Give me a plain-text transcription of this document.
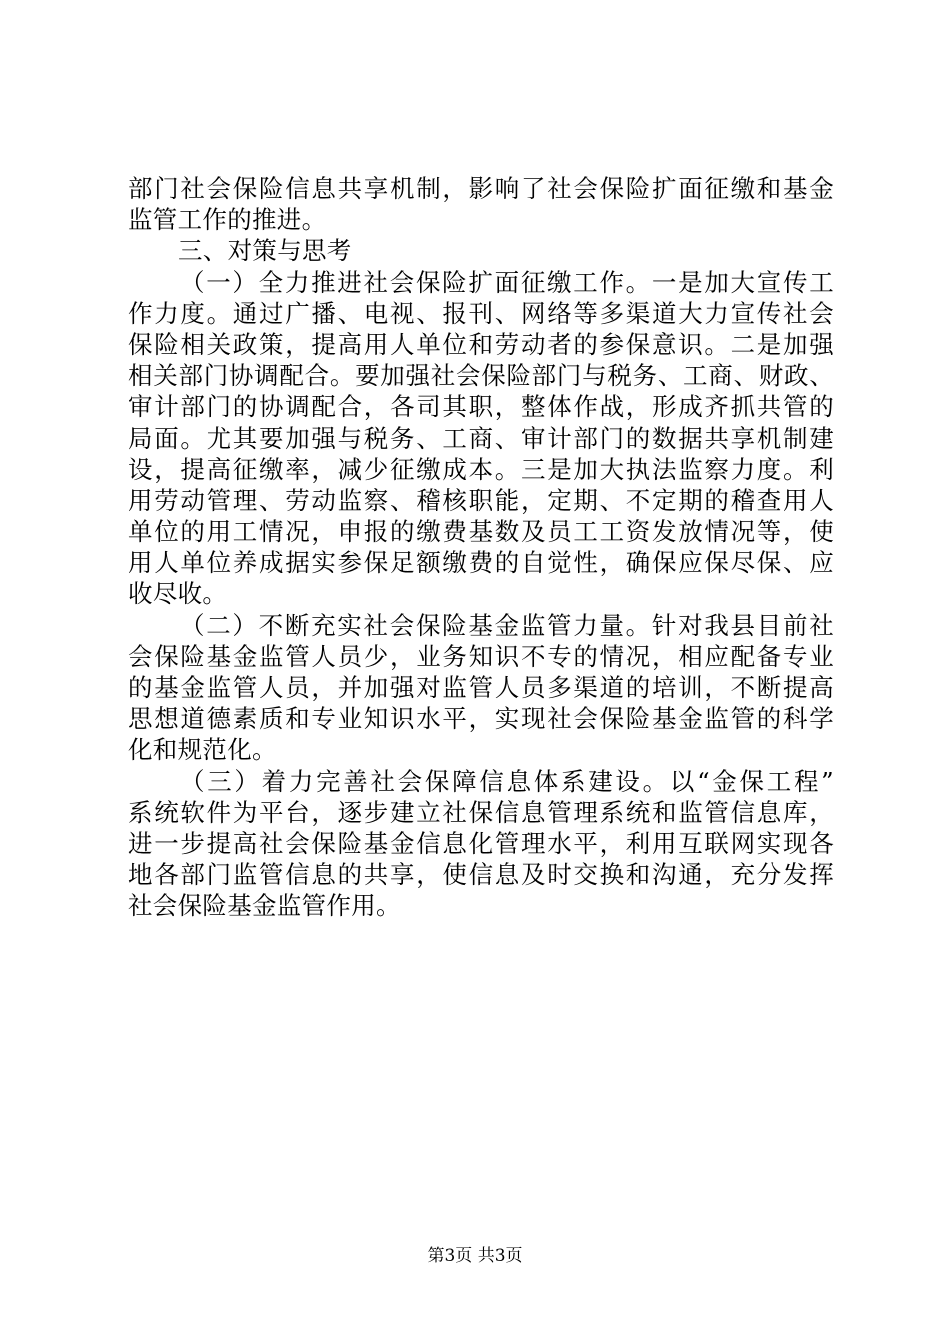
部门社会保险信息共享机制，影响了社会保险扩面征缴和基金
监管工作的推进。
三、对策与思考
（一）全力推进社会保险扩面征缴工作。一是加大宣传工
作力度。通过广播、电视、报刊、网络等多渠道大力宣传社会
保险相关政策，提高用人单位和劳动者的参保意识。二是加强
相关部门协调配合。要加强社会保险部门与税务、工商、财政、
审计部门的协调配合，各司其职，整体作战，形成齐抓共管的
局面。尤其要加强与税务、工商、审计部门的数据共享机制建
设，提高征缴率，减少征缴成本。三是加大执法监察力度。利
用劳动管理、劳动监察、稽核职能，定期、不定期的稽查用人
单位的用工情况，申报的缴费基数及员工工资发放情况等，使
用人单位养成据实参保足额缴费的自觉性，确保应保尽保、应
收尽收。
（二）不断充实社会保险基金监管力量。针对我县目前社
会保险基金监管人员少，业务知识不专的情况，相应配备专业
的基金监管人员，并加强对监管人员多渠道的培训，不断提高
思想道德素质和专业知识水平，实现社会保险基金监管的科学
化和规范化。
（三）着力完善社会保障信息体系建设。以“金保工程”
系统软件为平台，逐步建立社保信息管理系统和监管信息库，
进一步提高社会保险基金信息化管理水平，利用互联网实现各
地各部门监管信息的共享，使信息及时交换和沟通，充分发挥
社会保险基金监管作用。
第3页 共3页
